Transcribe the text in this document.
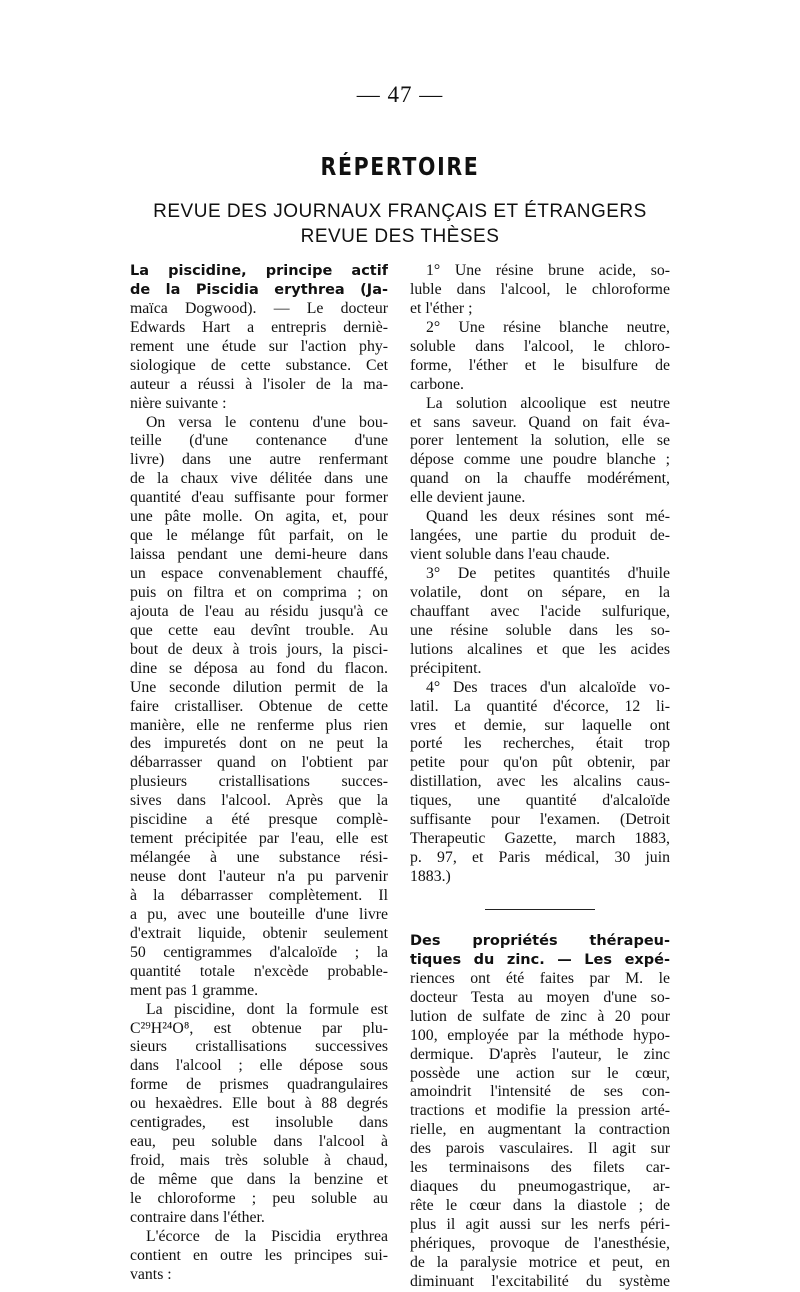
— 47 —
RÉPERTOIRE
REVUE DES JOURNAUX FRANÇAIS ET ÉTRANGERS
REVUE DES THÈSES
La piscidine, principe actif
de la Piscidia erythrea (Ja-
maïca Dogwood). — Le docteur
Edwards Hart a entrepris derniè-
rement une étude sur l'action phy-
siologique de cette substance. Cet
auteur a réussi à l'isoler de la ma-
nière suivante :
On versa le contenu d'une bou-
teille (d'une contenance d'une
livre) dans une autre renfermant
de la chaux vive délitée dans une
quantité d'eau suffisante pour former
une pâte molle. On agita, et, pour
que le mélange fût parfait, on le
laissa pendant une demi-heure dans
un espace convenablement chauffé,
puis on filtra et on comprima ; on
ajouta de l'eau au résidu jusqu'à ce
que cette eau devînt trouble. Au
bout de deux à trois jours, la pisci-
dine se déposa au fond du flacon.
Une seconde dilution permit de la
faire cristalliser. Obtenue de cette
manière, elle ne renferme plus rien
des impuretés dont on ne peut la
débarrasser quand on l'obtient par
plusieurs cristallisations succes-
sives dans l'alcool. Après que la
piscidine a été presque complè-
tement précipitée par l'eau, elle est
mélangée à une substance rési-
neuse dont l'auteur n'a pu parvenir
à la débarrasser complètement. Il
a pu, avec une bouteille d'une livre
d'extrait liquide, obtenir seulement
50 centigrammes d'alcaloïde ; la
quantité totale n'excède probable-
ment pas 1 gramme.
La piscidine, dont la formule est
C²⁹H²⁴O⁸, est obtenue par plu-
sieurs cristallisations successives
dans l'alcool ; elle dépose sous
forme de prismes quadrangulaires
ou hexaèdres. Elle bout à 88 degrés
centigrades, est insoluble dans
eau, peu soluble dans l'alcool à
froid, mais très soluble à chaud,
de même que dans la benzine et
le chloroforme ; peu soluble au
contraire dans l'éther.
L'écorce de la Piscidia erythrea
contient en outre les principes sui-
vants :
1° Une résine brune acide, so-
luble dans l'alcool, le chloroforme
et l'éther ;
2° Une résine blanche neutre,
soluble dans l'alcool, le chloro-
forme, l'éther et le bisulfure de
carbone.
La solution alcoolique est neutre
et sans saveur. Quand on fait éva-
porer lentement la solution, elle se
dépose comme une poudre blanche ;
quand on la chauffe modérément,
elle devient jaune.
Quand les deux résines sont mé-
langées, une partie du produit de-
vient soluble dans l'eau chaude.
3° De petites quantités d'huile
volatile, dont on sépare, en la
chauffant avec l'acide sulfurique,
une résine soluble dans les so-
lutions alcalines et que les acides
précipitent.
4° Des traces d'un alcaloïde vo-
latil. La quantité d'écorce, 12 li-
vres et demie, sur laquelle ont
porté les recherches, était trop
petite pour qu'on pût obtenir, par
distillation, avec les alcalins caus-
tiques, une quantité d'alcaloïde
suffisante pour l'examen. (Detroit
Therapeutic Gazette, march 1883,
p. 97, et Paris médical, 30 juin
1883.)
Des propriétés thérapeu-
tiques du zinc. — Les expé-
riences ont été faites par M. le
docteur Testa au moyen d'une so-
lution de sulfate de zinc à 20 pour
100, employée par la méthode hypo-
dermique. D'après l'auteur, le zinc
possède une action sur le cœur,
amoindrit l'intensité de ses con-
tractions et modifie la pression arté-
rielle, en augmentant la contraction
des parois vasculaires. Il agit sur
les terminaisons des filets car-
diaques du pneumogastrique, ar-
rête le cœur dans la diastole ; de
plus il agit aussi sur les nerfs péri-
phériques, provoque de l'anesthésie,
de la paralysie motrice et peut, en
diminuant l'excitabilité du système
